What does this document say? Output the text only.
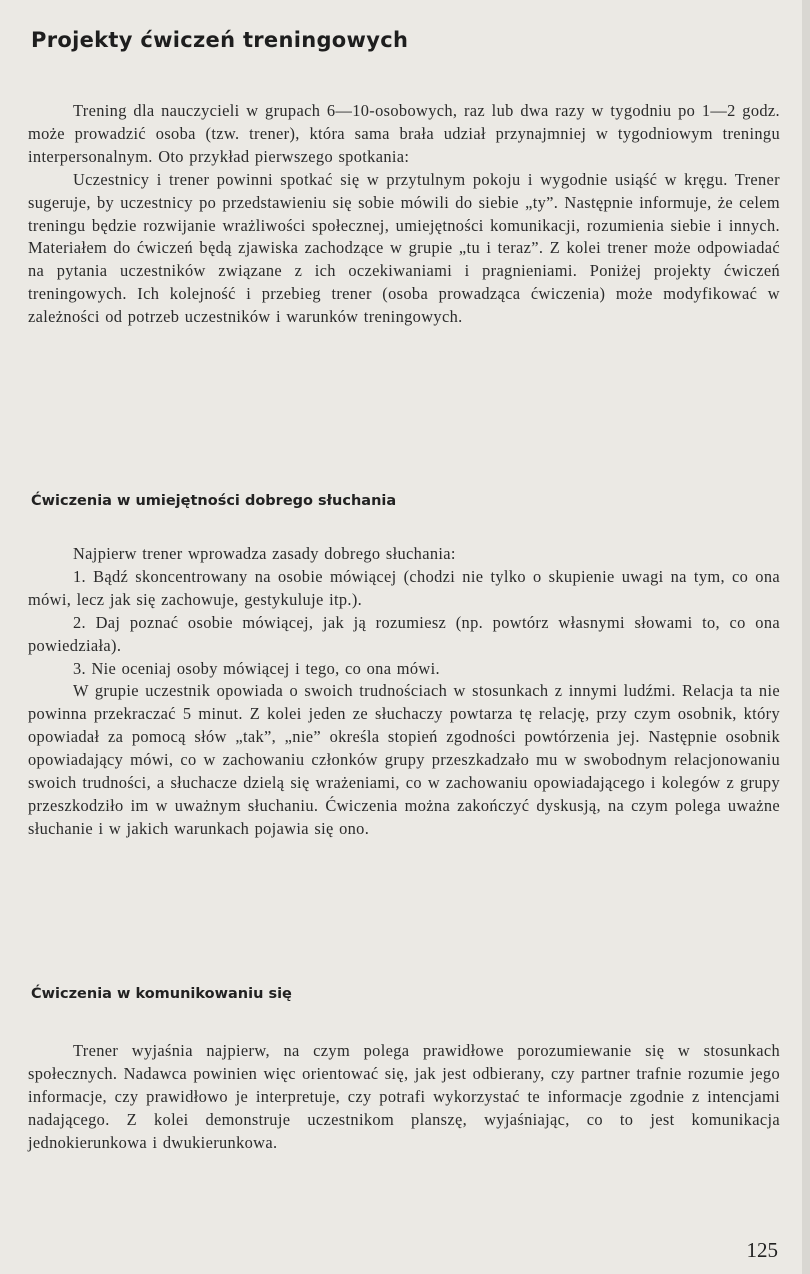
Projekty ćwiczeń treningowych

Trening dla nauczycieli w grupach 6—10-osobowych, raz lub dwa razy w tygodniu po 1—2 godz. może prowadzić osoba (tzw. trener), która sama brała udział przynajmniej w tygodniowym treningu interpersonalnym. Oto przykład pierwszego spotkania:

Uczestnicy i trener powinni spotkać się w przytulnym pokoju i wygodnie usiąść w kręgu. Trener sugeruje, by uczestnicy po przedstawieniu się sobie mówili do siebie „ty”. Następnie informuje, że celem treningu będzie rozwijanie wrażliwości społecznej, umiejętności komunikacji, rozumienia siebie i innych. Materiałem do ćwiczeń będą zjawiska zachodzące w grupie „tu i teraz”. Z kolei trener może odpowiadać na pytania uczestników związane z ich oczekiwaniami i pragnieniami. Poniżej projekty ćwiczeń treningowych. Ich kolejność i przebieg trener (osoba prowadząca ćwiczenia) może modyfikować w zależności od potrzeb uczestników i warunków treningowych.

Ćwiczenia w umiejętności dobrego słuchania

Najpierw trener wprowadza zasady dobrego słuchania:

1. Bądź skoncentrowany na osobie mówiącej (chodzi nie tylko o skupienie uwagi na tym, co ona mówi, lecz jak się zachowuje, gestykuluje itp.).

2. Daj poznać osobie mówiącej, jak ją rozumiesz (np. powtórz własnymi słowami to, co ona powiedziała).

3. Nie oceniaj osoby mówiącej i tego, co ona mówi.

W grupie uczestnik opowiada o swoich trudnościach w stosunkach z innymi ludźmi. Relacja ta nie powinna przekraczać 5 minut. Z kolei jeden ze słuchaczy powtarza tę relację, przy czym osobnik, który opowiadał za pomocą słów „tak”, „nie” określa stopień zgodności powtórzenia jej. Następnie osobnik opowiadający mówi, co w zachowaniu członków grupy przeszkadzało mu w swobodnym relacjonowaniu swoich trudności, a słuchacze dzielą się wrażeniami, co w zachowaniu opowiadającego i kolegów z grupy przeszkodziło im w uważnym słuchaniu. Ćwiczenia można zakończyć dyskusją, na czym polega uważne słuchanie i w jakich warunkach pojawia się ono.

Ćwiczenia w komunikowaniu się

Trener wyjaśnia najpierw, na czym polega prawidłowe porozumiewanie się w stosunkach społecznych. Nadawca powinien więc orientować się, jak jest odbierany, czy partner trafnie rozumie jego informacje, czy prawidłowo je interpretuje, czy potrafi wykorzystać te informacje zgodnie z intencjami nadającego. Z kolei demonstruje uczestnikom planszę, wyjaśniając, co to jest komunikacja jednokierunkowa i dwukierunkowa.

125
